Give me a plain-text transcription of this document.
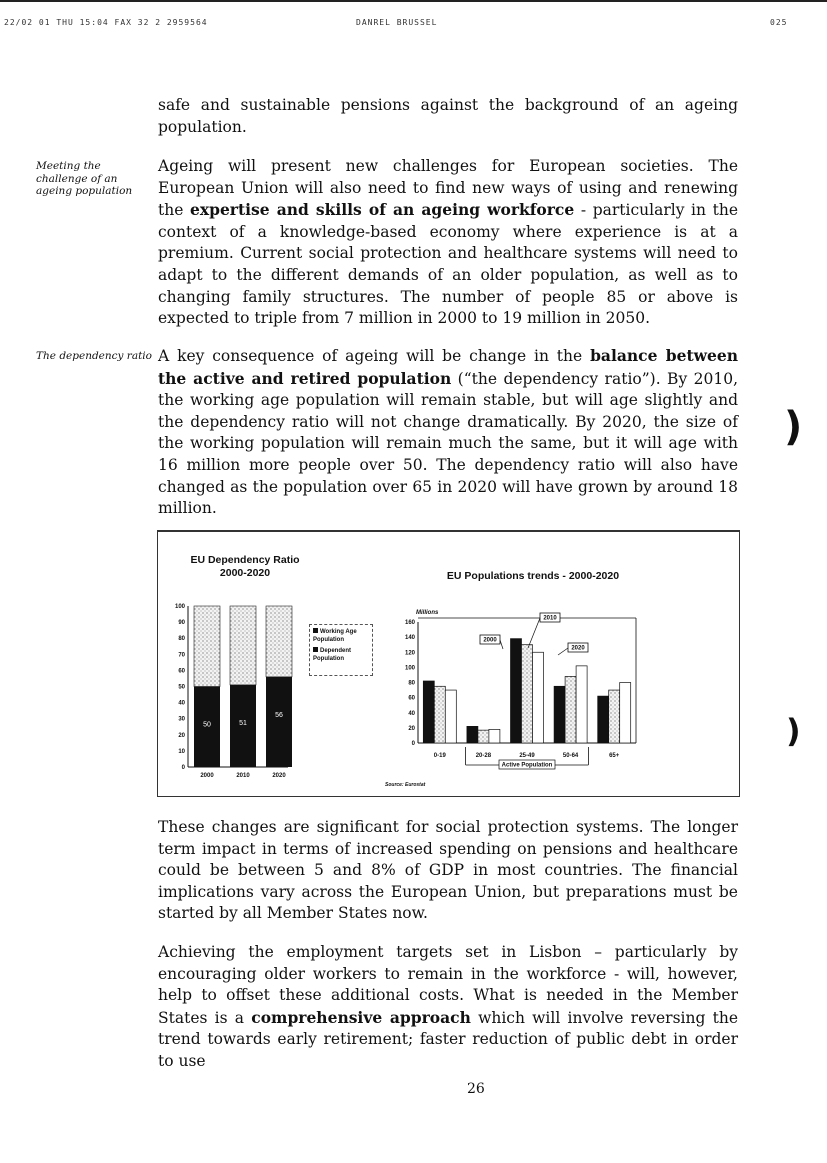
22/02 01 THU 15:04 FAX 32 2 2959564	DANREL BRUSSEL	025

safe and sustainable pensions against the background of an ageing population.

Meeting the challenge of an ageing population

Ageing will present new challenges for European societies. The European Union will also need to find new ways of using and renewing the expertise and skills of an ageing workforce - particularly in the context of a knowledge-based economy where experience is at a premium. Current social protection and healthcare systems will need to adapt to the different demands of an older population, as well as to changing family structures. The number of people 85 or above is expected to triple from 7 million in 2000 to 19 million in 2050.

The dependency ratio A key consequence of ageing will be change in the balance between the active and retired population (“the dependency ratio”). By 2010, the working age population will remain stable, but will age slightly and the dependency ratio will not change dramatically. By 2020, the size of the working population will remain much the same, but it will age with 16 million more people over 50. The dependency ratio will also have changed as the population over 65 in 2020 will have grown by around 18 million.

)
)
EU Dependency Ratio 2000-2020	EU Populations trends - 2000-2020
0
10
20
30
40
50
60
70
80
90
100
50
2000
51
2010
56
2020
Millions
0
20
40
60
80
100
120
140
160
0-19	20-28	25-49	50-64	65+
Active Population
2010
2000
2020
Working Age
Population
Dependent
Population
Source: Eurostat

These changes are significant for social protection systems. The longer term impact in terms of increased spending on pensions and healthcare could be between 5 and 8% of GDP in most countries. The financial implications vary across the European Union, but preparations must be started by all Member States now.

Achieving the employment targets set in Lisbon – particularly by encouraging older workers to remain in the workforce - will, however, help to offset these additional costs. What is needed in the Member States is a comprehensive approach which will involve reversing the trend towards early retirement; faster reduction of public debt in order to use

26
